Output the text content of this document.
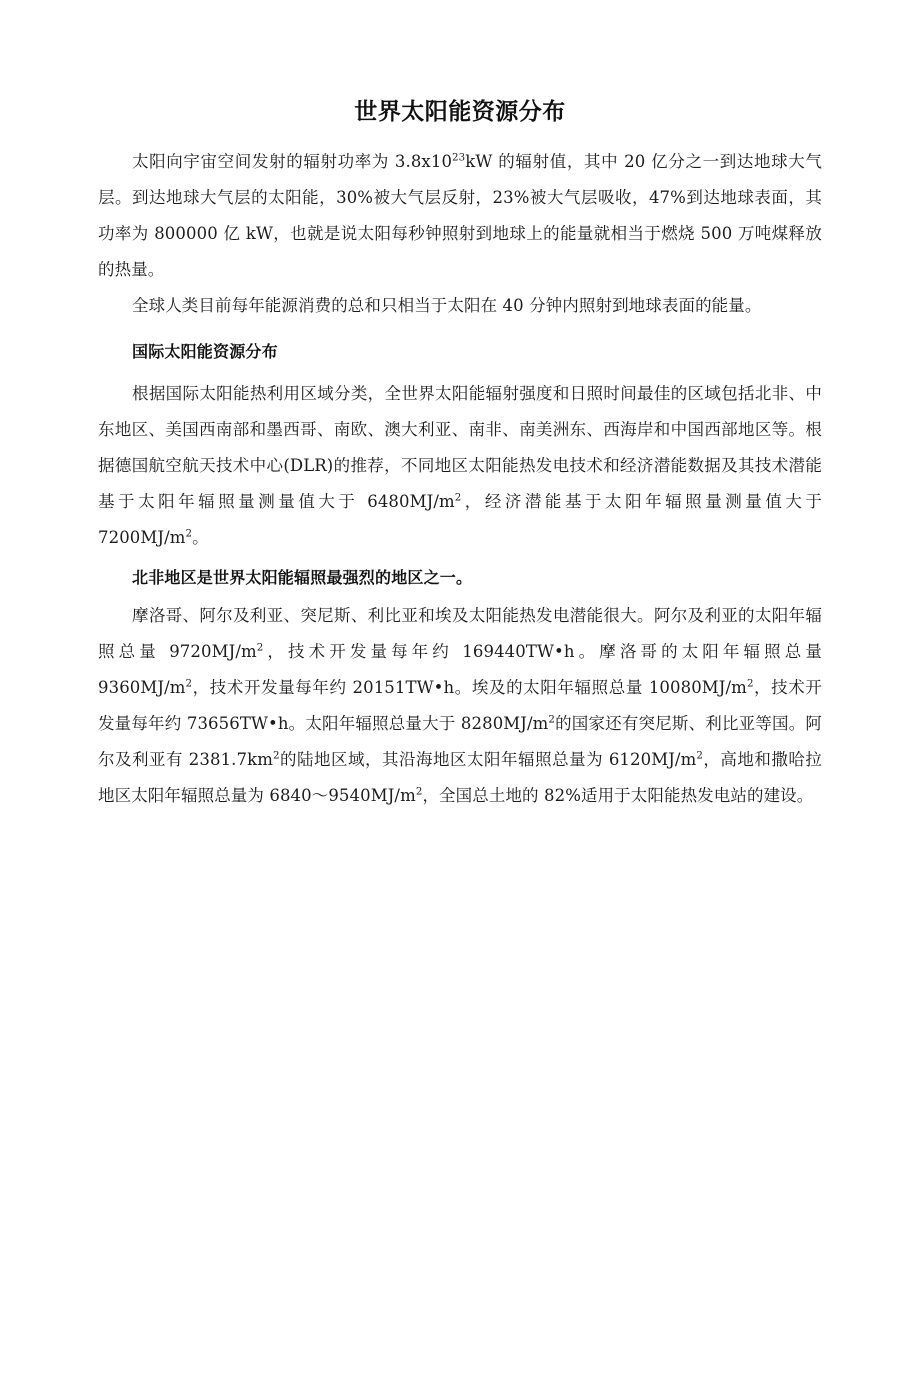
世界太阳能资源分布

太阳向宇宙空间发射的辐射功率为 $3.8x10^{23}kW$ 的辐射值，其中 20 亿分之一到达地球大气层。到达地球大气层的太阳能，30%被大气层反射，23%被大气层吸收，47%到达地球表面，其功率为 800000 亿 kW，也就是说太阳每秒钟照射到地球上的能量就相当于燃烧 500 万吨煤释放的热量。

全球人类目前每年能源消费的总和只相当于太阳在 40 分钟内照射到地球表面的能量。

国际太阳能资源分布

根据国际太阳能热利用区域分类，全世界太阳能辐射强度和日照时间最佳的区域包括北非、中东地区、美国西南部和墨西哥、南欧、澳大利亚、南非、南美洲东、西海岸和中国西部地区等。根据德国航空航天技术中心(DLR)的推荐，不同地区太阳能热发电技术和经济潜能数据及其技术潜能基于太阳年辐照量测量值大于 $6480MJ/m^2$，经济潜能基于太阳年辐照量测量值大于 $7200MJ/m^2$。

北非地区是世界太阳能辐照最强烈的地区之一。

摩洛哥、阿尔及利亚、突尼斯、利比亚和埃及太阳能热发电潜能很大。阿尔及利亚的太阳年辐照总量 $9720MJ/m^2$，技术开发量每年约 169440TW•h。摩洛哥的太阳年辐照总量 $9360MJ/m^2$，技术开发量每年约 20151TW•h。埃及的太阳年辐照总量 $10080MJ/m^2$，技术开发量每年约 73656TW•h。太阳年辐照总量大于 $8280MJ/m^2$的国家还有突尼斯、利比亚等国。阿尔及利亚有 $2381.7km^2$的陆地区域，其沿海地区太阳年辐照总量为 $6120MJ/m^2$，高地和撒哈拉地区太阳年辐照总量为 $6840\sim 9540MJ/m^2$，全国总土地的 82%适用于太阳能热发电站的建设。
